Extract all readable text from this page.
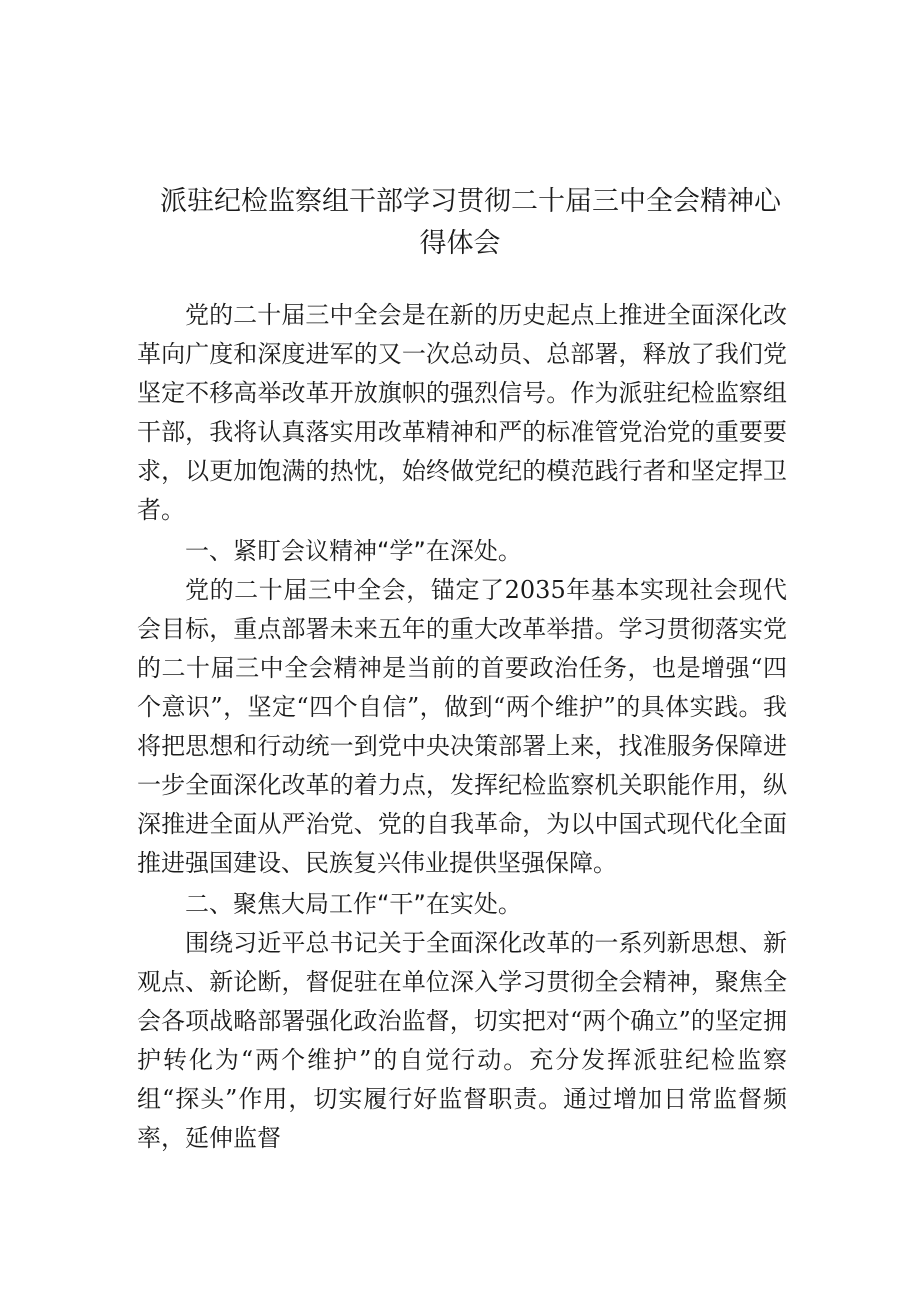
派驻纪检监察组干部学习贯彻二十届三中全会精神心
得体会

党的二十届三中全会是在新的历史起点上推进全面深化改革向广度和深度进军的又一次总动员、总部署，释放了我们党坚定不移高举改革开放旗帜的强烈信号。作为派驻纪检监察组干部，我将认真落实用改革精神和严的标准管党治党的重要要求，以更加饱满的热忱，始终做党纪的模范践行者和坚定捍卫者。

一、紧盯会议精神“学”在深处。

党的二十届三中全会，锚定了2035年基本实现社会现代会目标，重点部署未来五年的重大改革举措。学习贯彻落实党的二十届三中全会精神是当前的首要政治任务，也是增强“四个意识”，坚定“四个自信”，做到“两个维护”的具体实践。我将把思想和行动统一到党中央决策部署上来，找准服务保障进一步全面深化改革的着力点，发挥纪检监察机关职能作用，纵深推进全面从严治党、党的自我革命，为以中国式现代化全面推进强国建设、民族复兴伟业提供坚强保障。

二、聚焦大局工作“干”在实处。

围绕习近平总书记关于全面深化改革的一系列新思想、新观点、新论断，督促驻在单位深入学习贯彻全会精神，聚焦全会各项战略部署强化政治监督，切实把对“两个确立”的坚定拥护转化为“两个维护”的自觉行动。充分发挥派驻纪检监察组“探头”作用，切实履行好监督职责。通过增加日常监督频率，延伸监督
